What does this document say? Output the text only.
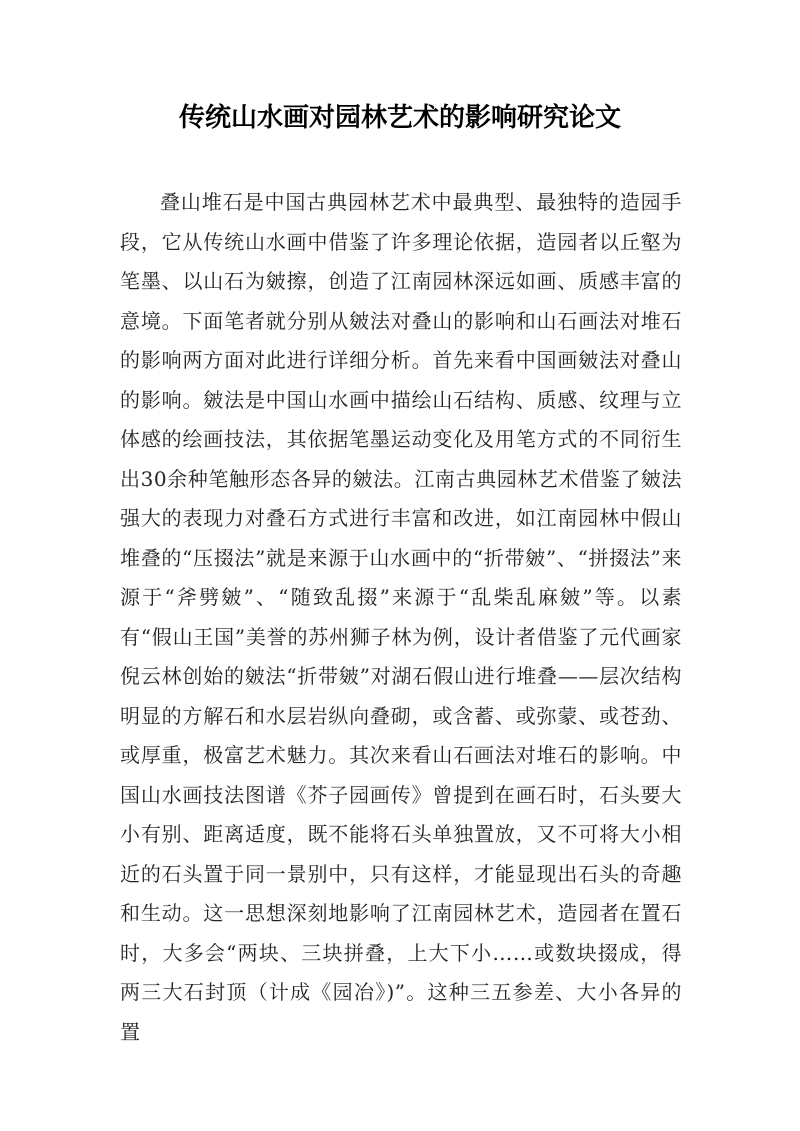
传统山水画对园林艺术的影响研究论文

叠山堆石是中国古典园林艺术中最典型、最独特的造园手段，它从传统山水画中借鉴了许多理论依据，造园者以丘壑为笔墨、以山石为皴擦，创造了江南园林深远如画、质感丰富的意境。下面笔者就分别从皴法对叠山的影响和山石画法对堆石的影响两方面对此进行详细分析。首先来看中国画皴法对叠山的影响。皴法是中国山水画中描绘山石结构、质感、纹理与立体感的绘画技法，其依据笔墨运动变化及用笔方式的不同衍生出30余种笔触形态各异的皴法。江南古典园林艺术借鉴了皴法强大的表现力对叠石方式进行丰富和改进，如江南园林中假山堆叠的“压掇法”就是来源于山水画中的“折带皴”、“拼掇法”来源于“斧劈皴”、“随致乱掇”来源于“乱柴乱麻皴”等。以素有“假山王国”美誉的苏州狮子林为例，设计者借鉴了元代画家倪云林创始的皴法“折带皴”对湖石假山进行堆叠——层次结构明显的方解石和水层岩纵向叠砌，或含蓄、或弥蒙、或苍劲、或厚重，极富艺术魅力。其次来看山石画法对堆石的影响。中国山水画技法图谱《芥子园画传》曾提到在画石时，石头要大小有别、距离适度，既不能将石头单独置放，又不可将大小相近的石头置于同一景别中，只有这样，才能显现出石头的奇趣和生动。这一思想深刻地影响了江南园林艺术，造园者在置石时，大多会“两块、三块拼叠，上大下小……或数块掇成，得两三大石封顶（计成《园冶》)”。这种三五参差、大小各异的置
